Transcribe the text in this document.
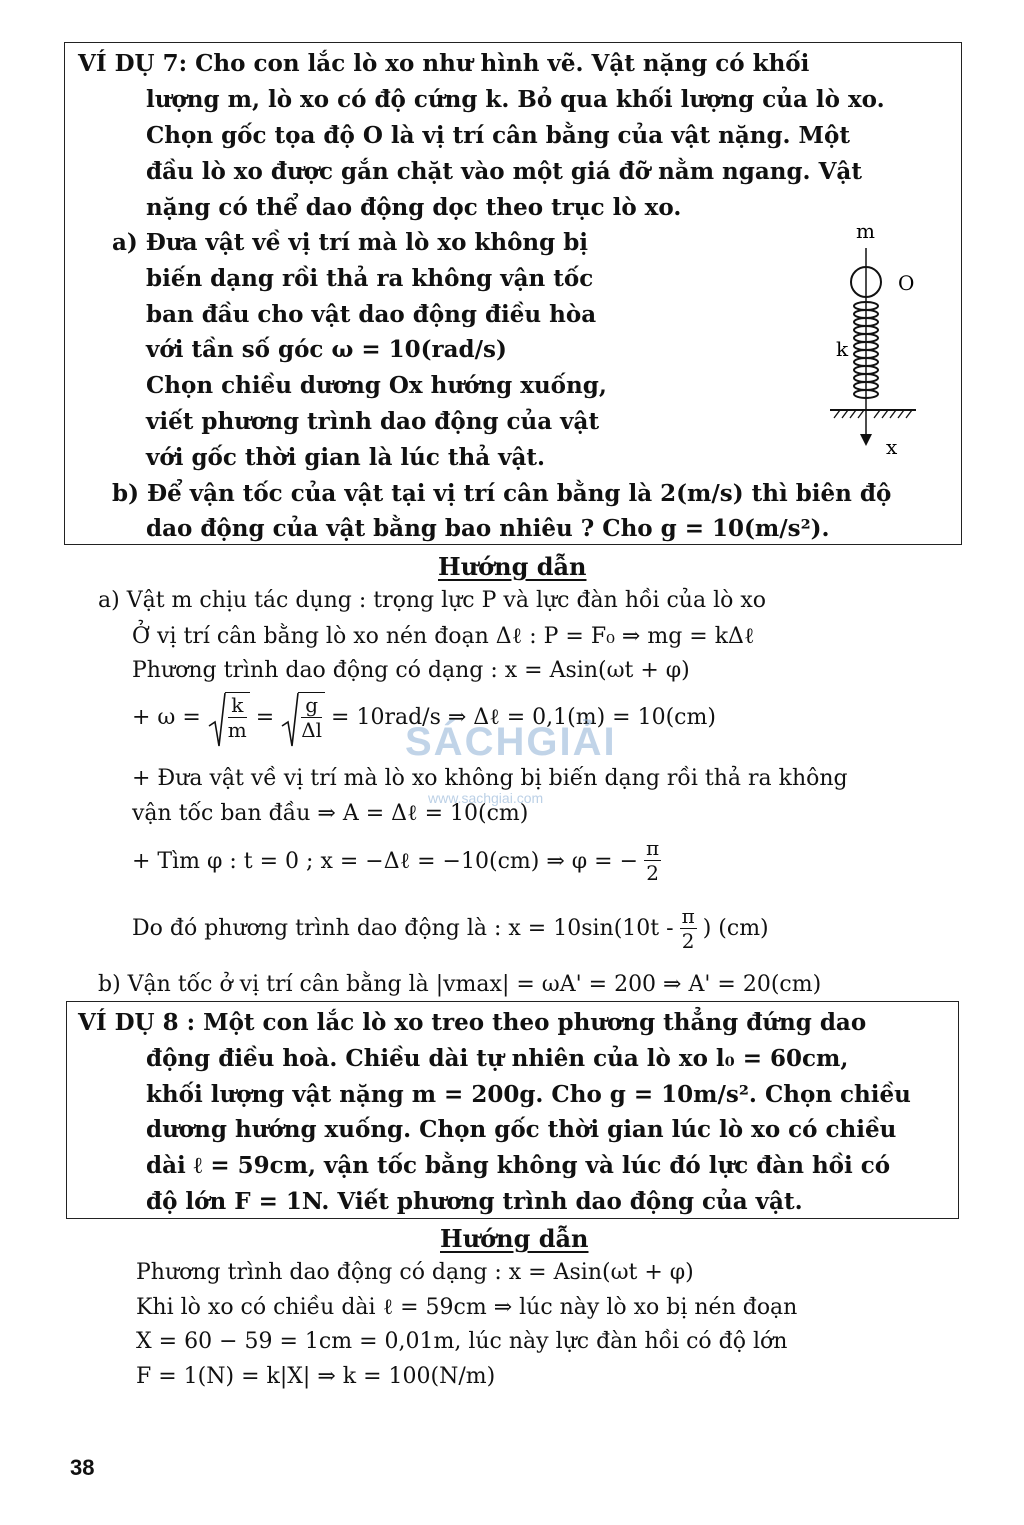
VÍ DỤ 7: Cho con lắc lò xo như hình vẽ. Vật nặng có khối
lượng m, lò xo có độ cứng k. Bỏ qua khối lượng của lò xo.
Chọn gốc tọa độ O là vị trí cân bằng của vật nặng. Một
đầu lò xo được gắn chặt vào một giá đỡ nằm ngang. Vật
nặng có thể dao động dọc theo trục lò xo.
a) Đưa vật về vị trí mà lò xo không bị
biến dạng rồi thả ra không vận tốc
ban đầu cho vật dao động điều hòa
với tần số góc ω = 10(rad/s)
Chọn chiều dương Ox hướng xuống,
viết phương trình dao động của vật
với gốc thời gian là lúc thả vật.
b) Để vận tốc của vật tại vị trí cân bằng là 2(m/s) thì biên độ
dao động của vật bằng bao nhiêu ? Cho g = 10(m/s²).
m
O
k
x
Hướng dẫn
a) Vật m chịu tác dụng : trọng lực P và lực đàn hồi của lò xo
Ở vị trí cân bằng lò xo nén đoạn Δℓ : P = F₀ ⇒ mg = kΔℓ
Phương trình dao động có dạng : x = Asin(ωt + φ)
+ $\omega = \frac{k}{m} = \frac{g}{\Delta l} = 10rad/s$ ⇒ Δℓ = 0,1(m) = 10(cm)
+ Đưa vật về vị trí mà lò xo không bị biến dạng rồi thả ra không
vận tốc ban đầu ⇒ A = Δℓ = 10(cm)
+ Tìm φ : t = 0 ; x = −Δℓ = −10(cm) ⇒ φ = − $\frac{\pi}{2}$
Do đó phương trình dao động là : $x = 10\sin(10t - \frac{\pi}{2}$ ) (cm)
b) Vận tốc ở vị trí cân bằng là |vmax| = ωA' = 200 ⇒ A' = 20(cm)
SÁCHGIẢI
www.sachgiai.com
VÍ DỤ 8 : Một con lắc lò xo treo theo phương thẳng đứng dao
động điều hoà. Chiều dài tự nhiên của lò xo l₀ = 60cm,
khối lượng vật nặng m = 200g. Cho g = 10m/s². Chọn chiều
dương hướng xuống. Chọn gốc thời gian lúc lò xo có chiều
dài ℓ = 59cm, vận tốc bằng không và lúc đó lực đàn hồi có
độ lớn F = 1N. Viết phương trình dao động của vật.
Hướng dẫn
Phương trình dao động có dạng : x = Asin(ωt + φ)
Khi lò xo có chiều dài ℓ = 59cm ⇒ lúc này lò xo bị nén đoạn
X = 60 − 59 = 1cm = 0,01m, lúc này lực đàn hồi có độ lớn
F = 1(N) = k|X| ⇒ k = 100(N/m)
38
